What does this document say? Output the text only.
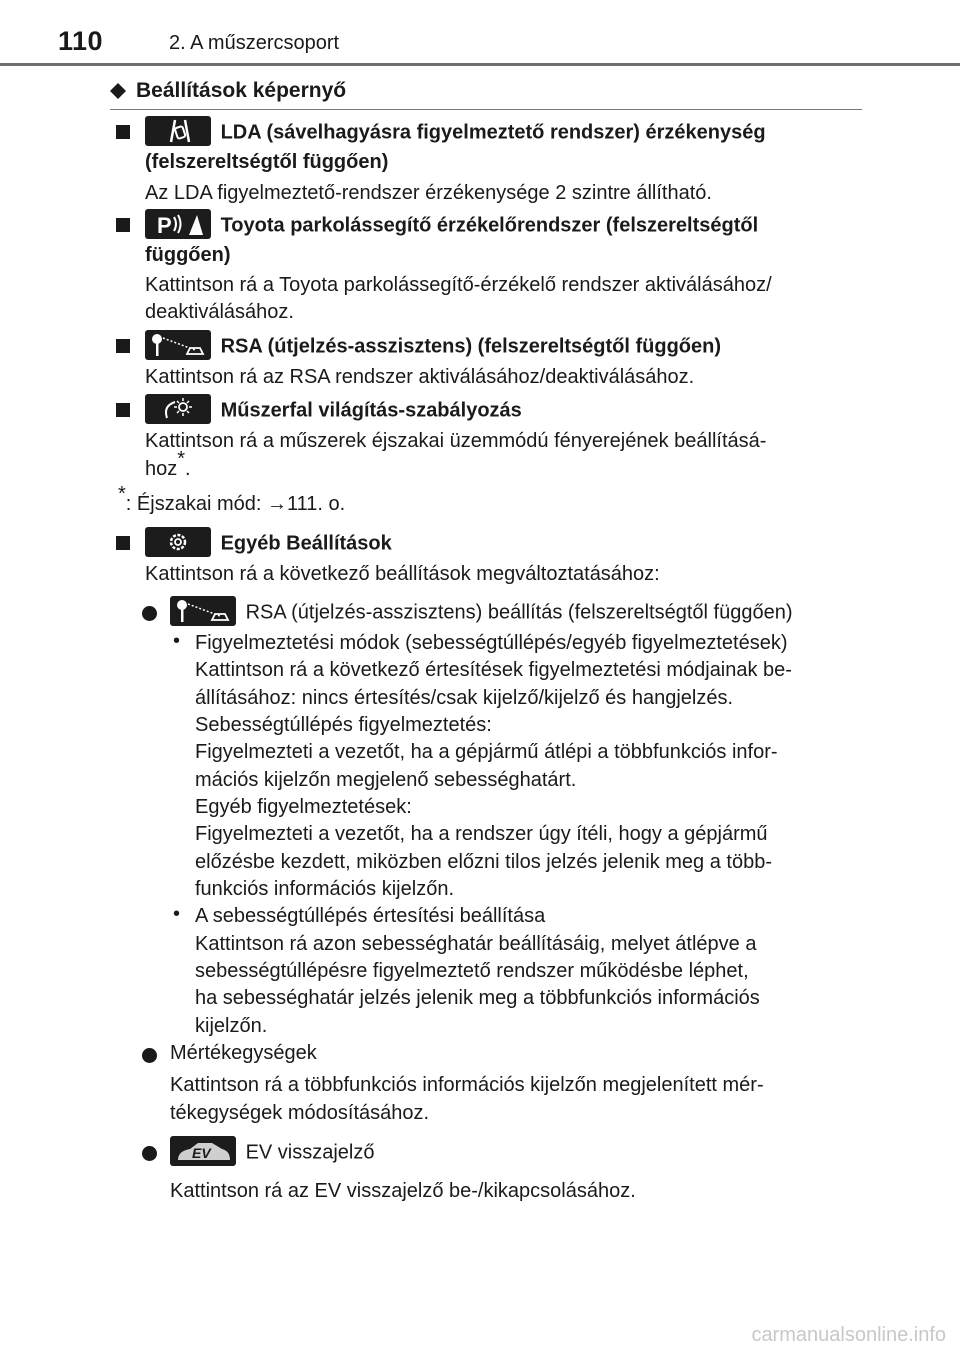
110	2. A műszercsoport
Beállítások képernyő
LDA (sávelhagyásra figyelmeztető rendszer) érzékenység
(felszereltségtől függően)
Az LDA figyelmeztető-rendszer érzékenysége 2 szintre állítható.
P Toyota parkolássegítő érzékelőrendszer (felszereltségtől
függően)
Kattintson rá a Toyota parkolássegítő-érzékelő rendszer aktiválásához/
deaktiválásához.
RSA (útjelzés-asszisztens) (felszereltségtől függően)
Kattintson rá az RSA rendszer aktiválásához/deaktiválásához.
Műszerfal világítás-szabályozás
Kattintson rá a műszerek éjszakai üzemmódú fényerejének beállításá-
hoz*.
*: Éjszakai mód: →111. o.
Egyéb Beállítások
Kattintson rá a következő beállítások megváltoztatásához:
RSA (útjelzés-asszisztens) beállítás (felszereltségtől függően)
• Figyelmeztetési módok (sebességtúllépés/egyéb figyelmeztetések)
Kattintson rá a következő értesítések figyelmeztetési módjainak be-
állításához: nincs értesítés/csak kijelző/kijelző és hangjelzés.
Sebességtúllépés figyelmeztetés:
Figyelmezteti a vezetőt, ha a gépjármű átlépi a többfunkciós infor-
mációs kijelzőn megjelenő sebességhatárt.
Egyéb figyelmeztetések:
Figyelmezteti a vezetőt, ha a rendszer úgy ítéli, hogy a gépjármű
előzésbe kezdett, miközben előzni tilos jelzés jelenik meg a több-
funkciós információs kijelzőn.
• A sebességtúllépés értesítési beállítása
Kattintson rá azon sebességhatár beállításáig, melyet átlépve a
sebességtúllépésre figyelmeztető rendszer működésbe léphet,
ha sebességhatár jelzés jelenik meg a többfunkciós információs
kijelzőn.
Mértékegységek
Kattintson rá a többfunkciós információs kijelzőn megjelenített mér-
tékegységek módosításához.
EV EV visszajelző
Kattintson rá az EV visszajelző be-/kikapcsolásához.
carmanualsonline.info
